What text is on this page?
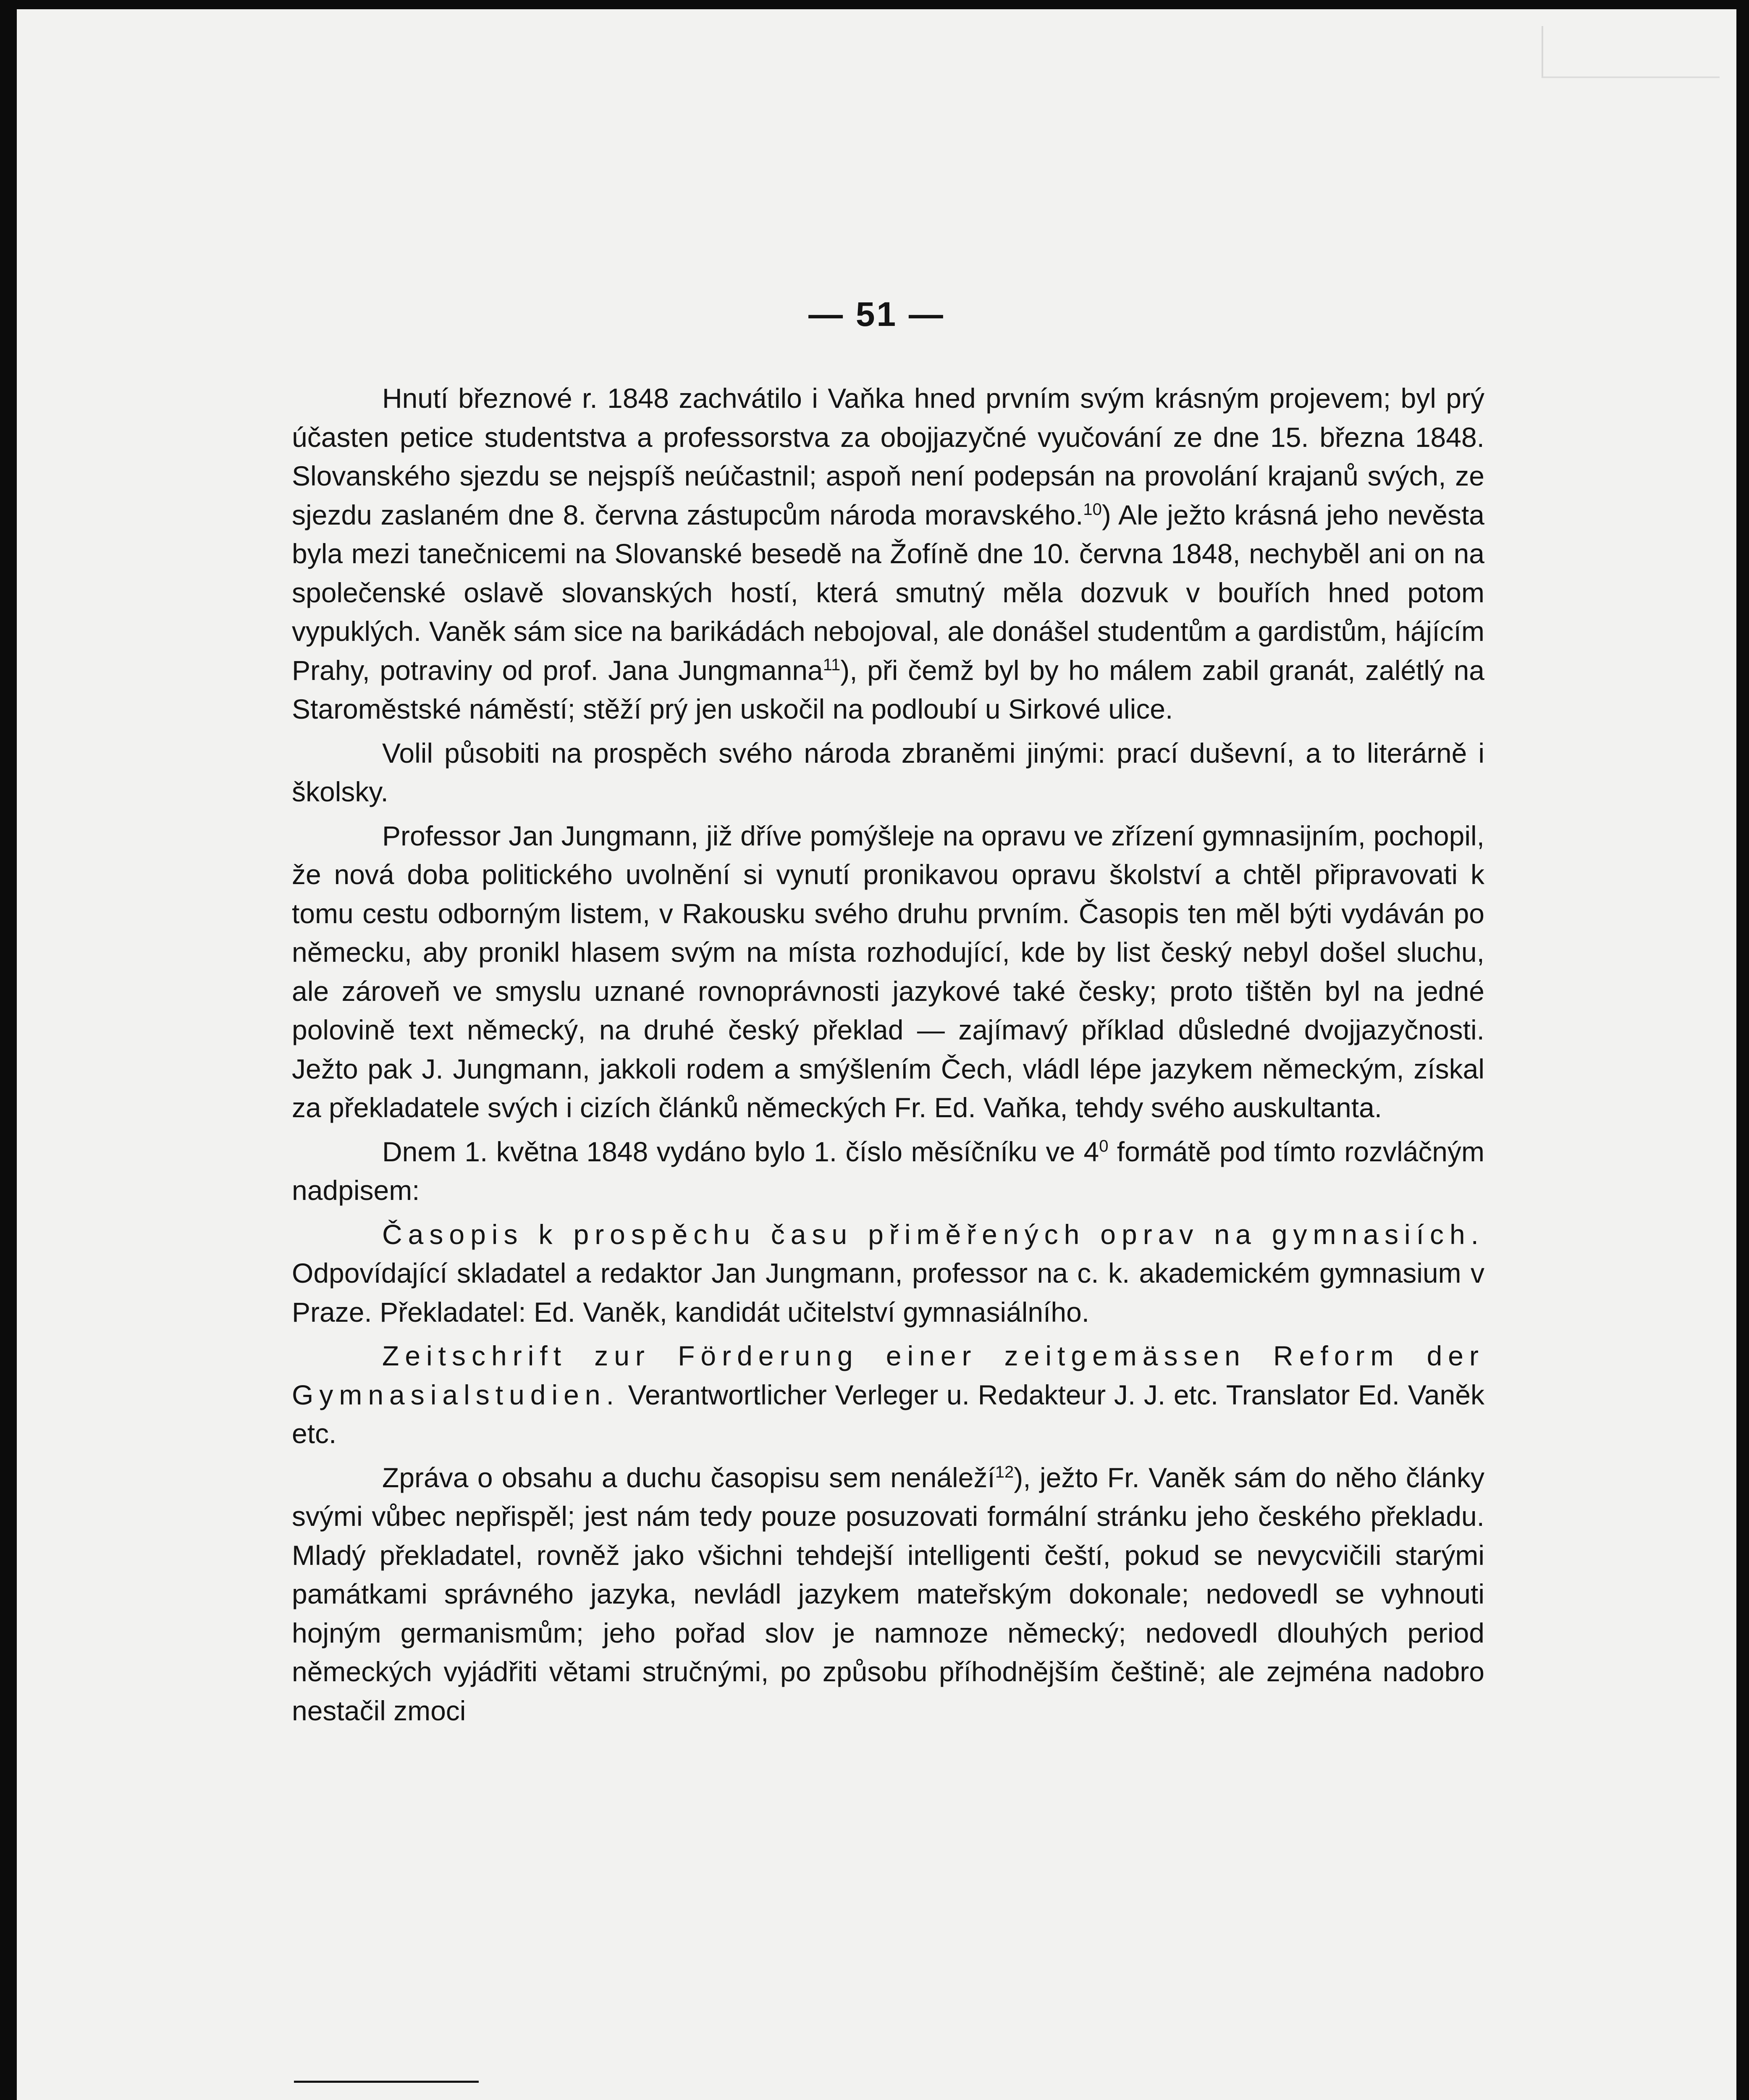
— 51 —

Hnutí březnové r. 1848 zachvátilo i Vaňka hned prvním svým krásným projevem; byl prý účasten petice studentstva a professorstva za obojjazyčné vyučování ze dne 15. března 1848. Slovanského sjezdu se nejspíš neúčastnil; aspoň není podepsán na provolání krajanů svých, ze sjezdu zaslaném dne 8. června zástupcům národa moravského.$^{10}$) Ale ježto krásná jeho nevěsta byla mezi tanečnicemi na Slovanské besedě na Žofíně dne 10. června 1848, nechyběl ani on na společenské oslavě slovanských hostí, která smutný měla dozvuk v bouřích hned potom vypuklých. Vaněk sám sice na barikádách nebojoval, ale donášel studentům a gardistům, hájícím Prahy, potraviny od prof. Jana Jungmanna$^{11}$), při čemž byl by ho málem zabil granát, zalétlý na Staroměstské náměstí; stěží prý jen uskočil na podloubí u Sirkové ulice.

Volil působiti na prospěch svého národa zbraněmi jinými: prací duševní, a to literárně i školsky.

Professor Jan Jungmann, již dříve pomýšleje na opravu ve zřízení gymnasijním, pochopil, že nová doba politického uvolnění si vynutí pronikavou opravu školství a chtěl připravovati k tomu cestu odborným listem, v Rakousku svého druhu prvním. Časopis ten měl býti vydáván po německu, aby pronikl hlasem svým na místa rozhodující, kde by list český nebyl došel sluchu, ale zároveň ve smyslu uznané rovnoprávnosti jazykové také česky; proto tištěn byl na jedné polovině text německý, na druhé český překlad — zajímavý příklad důsledné dvojjazyčnosti. Ježto pak J. Jungmann, jakkoli rodem a smýšlením Čech, vládl lépe jazykem německým, získal za překladatele svých i cizích článků německých Fr. Ed. Vaňka, tehdy svého auskultanta.

Dnem 1. května 1848 vydáno bylo 1. číslo měsíčníku ve $4^0$ formátě pod tímto rozvláčným nadpisem:

Časopis k prospěchu času přiměřených oprav na gymnasiích. Odpovídající skladatel a redaktor Jan Jungmann, professor na c. k. akademickém gymnasium v Praze. Překladatel: Ed. Vaněk, kandidát učitelství gymnasiálního.

Zeitschrift zur Förderung einer zeitgemässen Reform der Gymnasialstudien. Verantwortlicher Verleger u. Redakteur J. J. etc. Translator Ed. Vaněk etc.

Zpráva o obsahu a duchu časopisu sem nenáleží$^{12}$), ježto Fr. Vaněk sám do něho články svými vůbec nepřispěl; jest nám tedy pouze posuzovati formální stránku jeho českého překladu. Mladý překladatel, rovněž jako všichni tehdejší intelligenti čeští, pokud se nevycvičili starými památkami správného jazyka, nevládl jazykem mateřským dokonale; nedovedl se vyhnouti hojným germanismům; jeho pořad slov je namnoze německý; nedovedl dlouhých period německých vyjádřiti větami stručnými, po způsobu příhodnějším češtině; ale zejména nadobro nestačil zmoci
